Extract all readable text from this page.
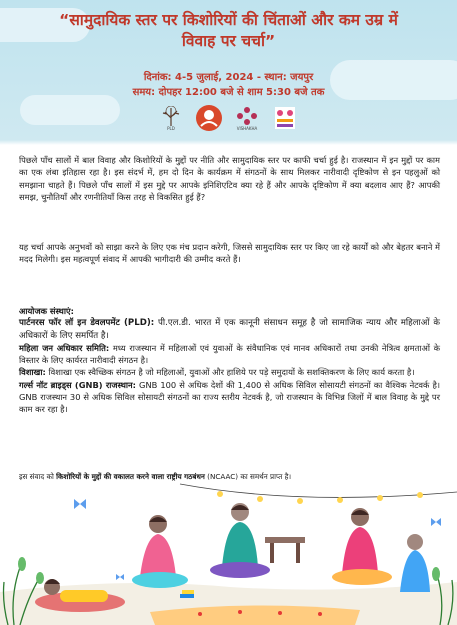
“सामुदायिक स्तर पर किशोरियों की चिंताओं और कम उम्र में
विवाह पर चर्चा”
दिनांक: 4-5 जुलाई, 2024 - स्थान: जयपुर
समय: दोपहर 12:00 बजे से शाम 5:30 बजे तक
PLD	VISHAKHA
पिछले पाँच सालों में बाल विवाह और किशोरियों के मुद्दों पर नीति और सामुदायिक स्तर पर काफी चर्चा हुई है। राजस्थान में इन मुद्दों पर काम का एक लंबा इतिहास रहा है। इस संदर्भ में, हम दो दिन के कार्यक्रम में संगठनों के साथ मिलकर नारीवादी दृष्टिकोण से इन पहलुओं को समझाना चाहते हैं। पिछले पाँच सालों में इस मुद्दे पर आपके इनिशिएटिव क्या रहे हैं और आपके दृष्टिकोण में क्या बदलाव आए हैं? आपकी समझ, चुनौतियाँ और रणनीतियाँ किस तरह से विकसित हुई हैं?
यह चर्चा आपके अनुभवों को साझा करने के लिए एक मंच प्रदान करेगी, जिससे सामुदायिक स्तर पर किए जा रहे कार्यों को और बेहतर बनाने में मदद मिलेगी। इस महत्वपूर्ण संवाद में आपकी भागीदारी की उम्मीद करते हैं।
आयोजक संस्थाएं:
पार्टनरस फॉर लॉ इन डेवलपमेंट (PLD): पी.एल.डी. भारत में एक कानूनी संसाधन समूह है जो सामाजिक न्याय और महिलाओं के अधिकारों के लिए समर्पित है।
महिला जन अधिकार समिति: मध्य राजस्थान में महिलाओं एवं युवाओं के संवैधानिक एवं मानव अधिकारों तथा उनकी नेत्रित्व क्षमताओं के विस्तार के लिए कार्यरत नारीवादी संगठन है।
विशाखा: विशाखा एक स्वैच्छिक संगठन है जो महिलाओं, युवाओं और हाशिये पर पड़े समुदायों के सशक्तिकरण के लिए कार्य करता है।
गर्ल्स नॉट ब्राइड्स (GNB) राजस्थान: GNB 100 से अधिक देशों की 1,400 से अधिक सिविल सोसायटी संगठनों का वैश्विक नेटवर्क है। GNB राजस्थान 30 से अधिक सिविल सोसायटी संगठनों का राज्य स्तरीय नेटवर्क है, जो राजस्थान के विभिन्न जिलों में बाल विवाह के मुद्दे पर काम कर रहा है।
इस संवाद को किशोरियों के मुद्दों की वकालत करने वाला राष्ट्रीय गठबंधन (NCAAC) का समर्थन प्राप्त है।
